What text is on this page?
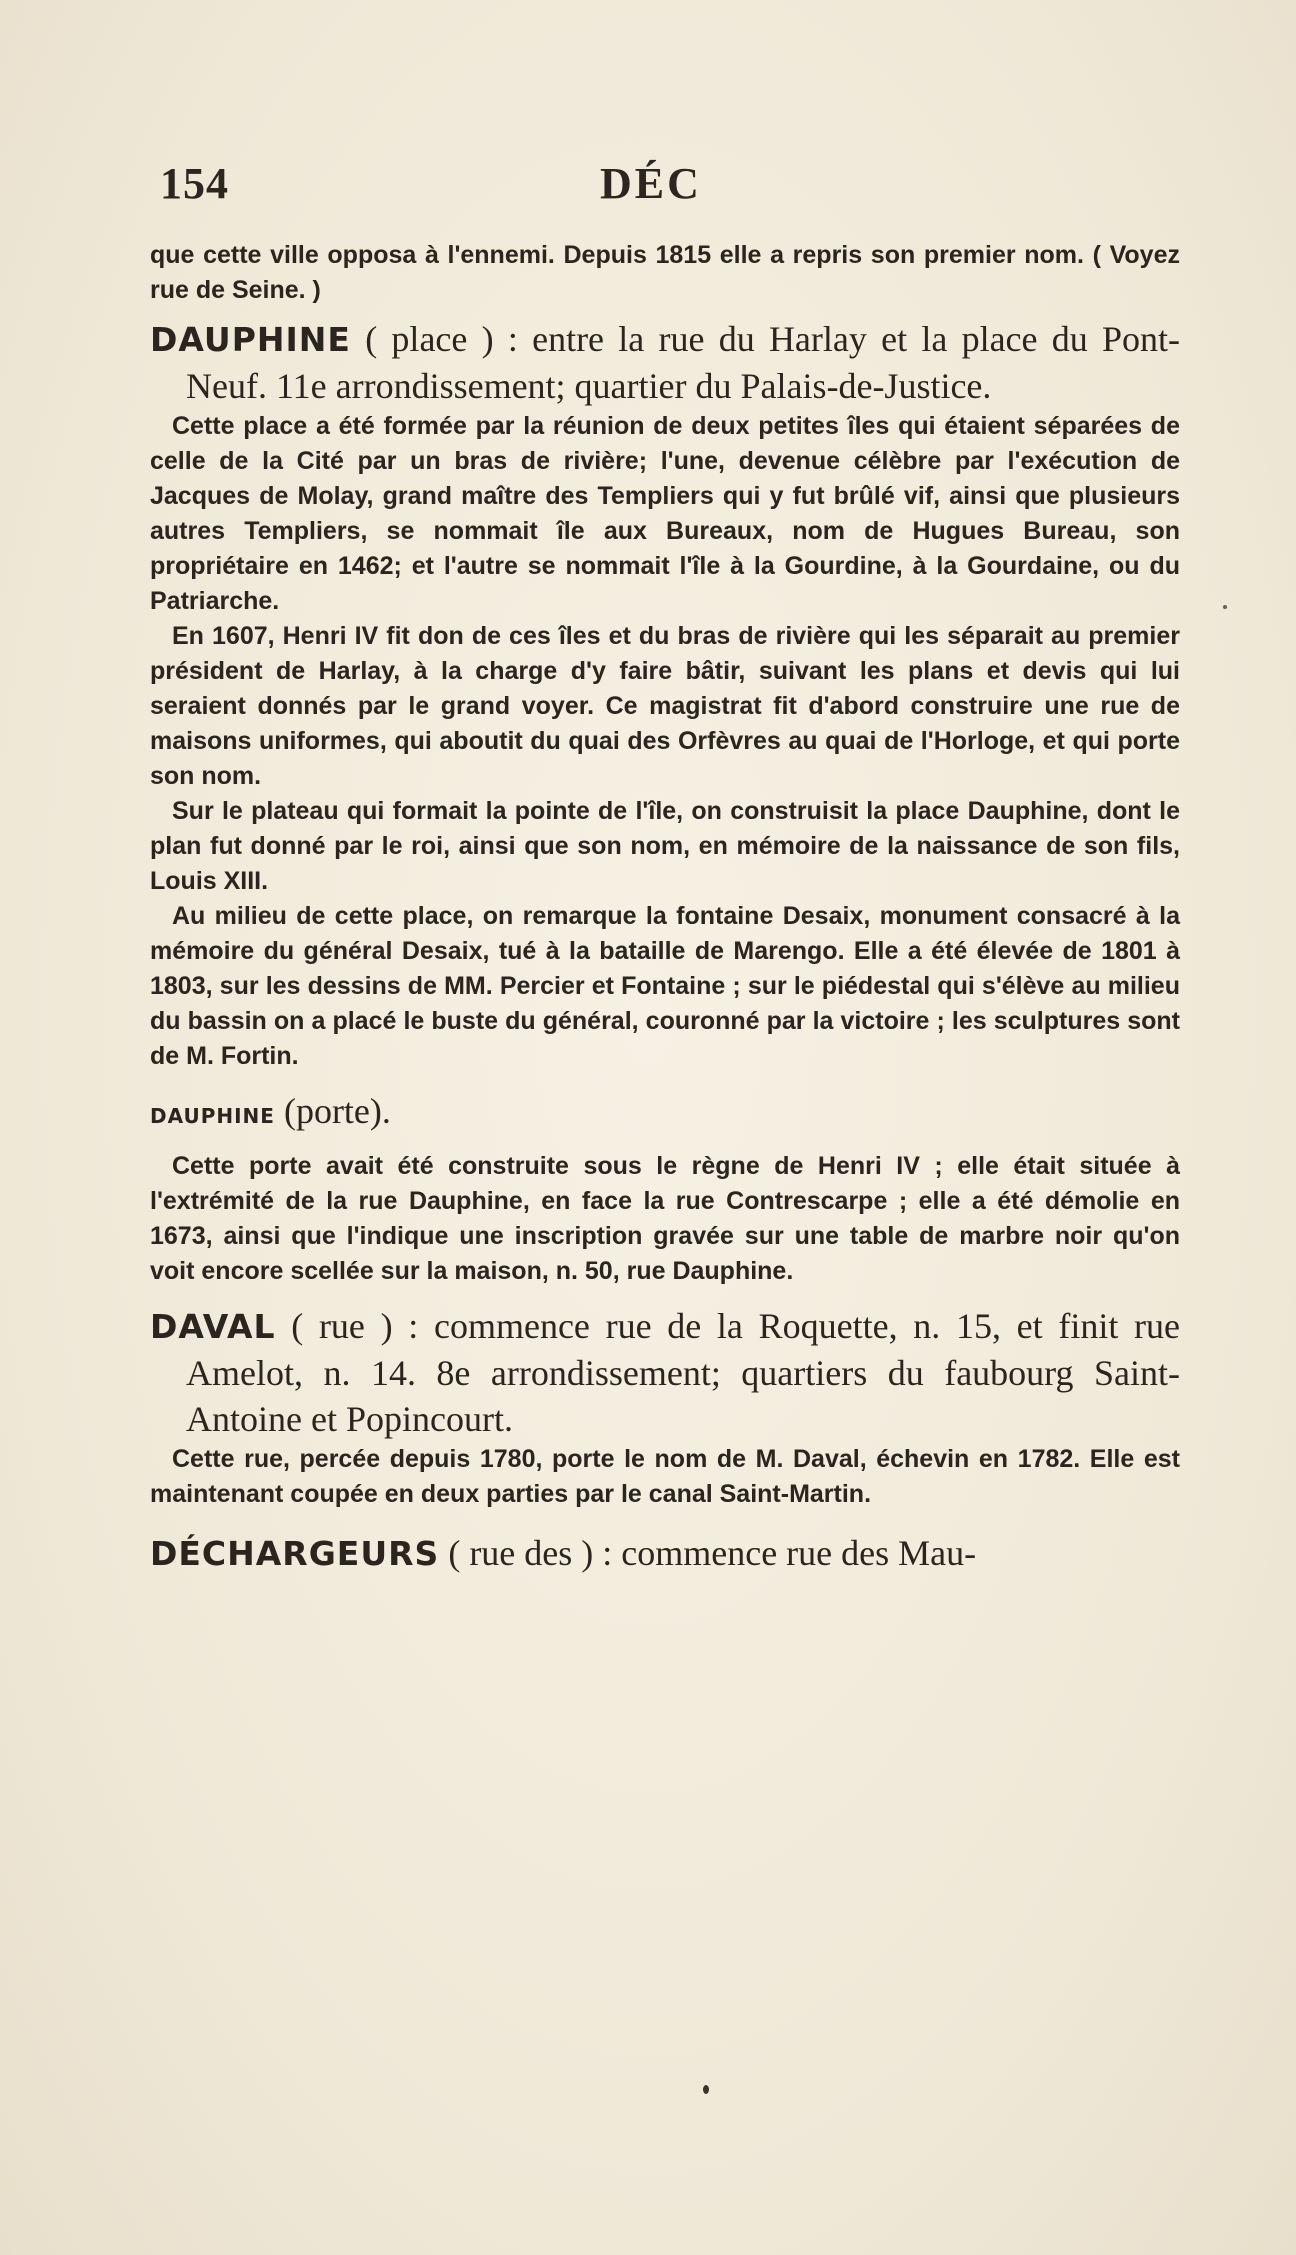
154	DÉC

que cette ville opposa à l'ennemi. Depuis 1815 elle a repris son premier nom. ( Voyez rue de Seine. )

DAUPHINE ( place ) : entre la rue du Harlay et la place du Pont-Neuf. 11e arrondissement; quartier du Palais-de-Justice.

Cette place a été formée par la réunion de deux petites îles qui étaient séparées de celle de la Cité par un bras de rivière; l'une, devenue célèbre par l'exécution de Jacques de Molay, grand maître des Templiers qui y fut brûlé vif, ainsi que plusieurs autres Templiers, se nommait île aux Bureaux, nom de Hugues Bureau, son propriétaire en 1462; et l'autre se nommait l'île à la Gourdine, à la Gourdaine, ou du Patriarche.

En 1607, Henri IV fit don de ces îles et du bras de rivière qui les séparait au premier président de Harlay, à la charge d'y faire bâtir, suivant les plans et devis qui lui seraient donnés par le grand voyer. Ce magistrat fit d'abord construire une rue de maisons uniformes, qui aboutit du quai des Orfèvres au quai de l'Horloge, et qui porte son nom.

Sur le plateau qui formait la pointe de l'île, on construisit la place Dauphine, dont le plan fut donné par le roi, ainsi que son nom, en mémoire de la naissance de son fils, Louis XIII.

Au milieu de cette place, on remarque la fontaine Desaix, monument consacré à la mémoire du général Desaix, tué à la bataille de Marengo. Elle a été élevée de 1801 à 1803, sur les dessins de MM. Percier et Fontaine ; sur le piédestal qui s'élève au milieu du bassin on a placé le buste du général, couronné par la victoire ; les sculptures sont de M. Fortin.

DAUPHINE (porte).

Cette porte avait été construite sous le règne de Henri IV ; elle était située à l'extrémité de la rue Dauphine, en face la rue Contrescarpe ; elle a été démolie en 1673, ainsi que l'indique une inscription gravée sur une table de marbre noir qu'on voit encore scellée sur la maison, n. 50, rue Dauphine.

DAVAL ( rue ) : commence rue de la Roquette, n. 15, et finit rue Amelot, n. 14. 8e arrondissement; quartiers du faubourg Saint-Antoine et Popincourt.

Cette rue, percée depuis 1780, porte le nom de M. Daval, échevin en 1782. Elle est maintenant coupée en deux parties par le canal Saint-Martin.

DÉCHARGEURS ( rue des ) : commence rue des Mau-
